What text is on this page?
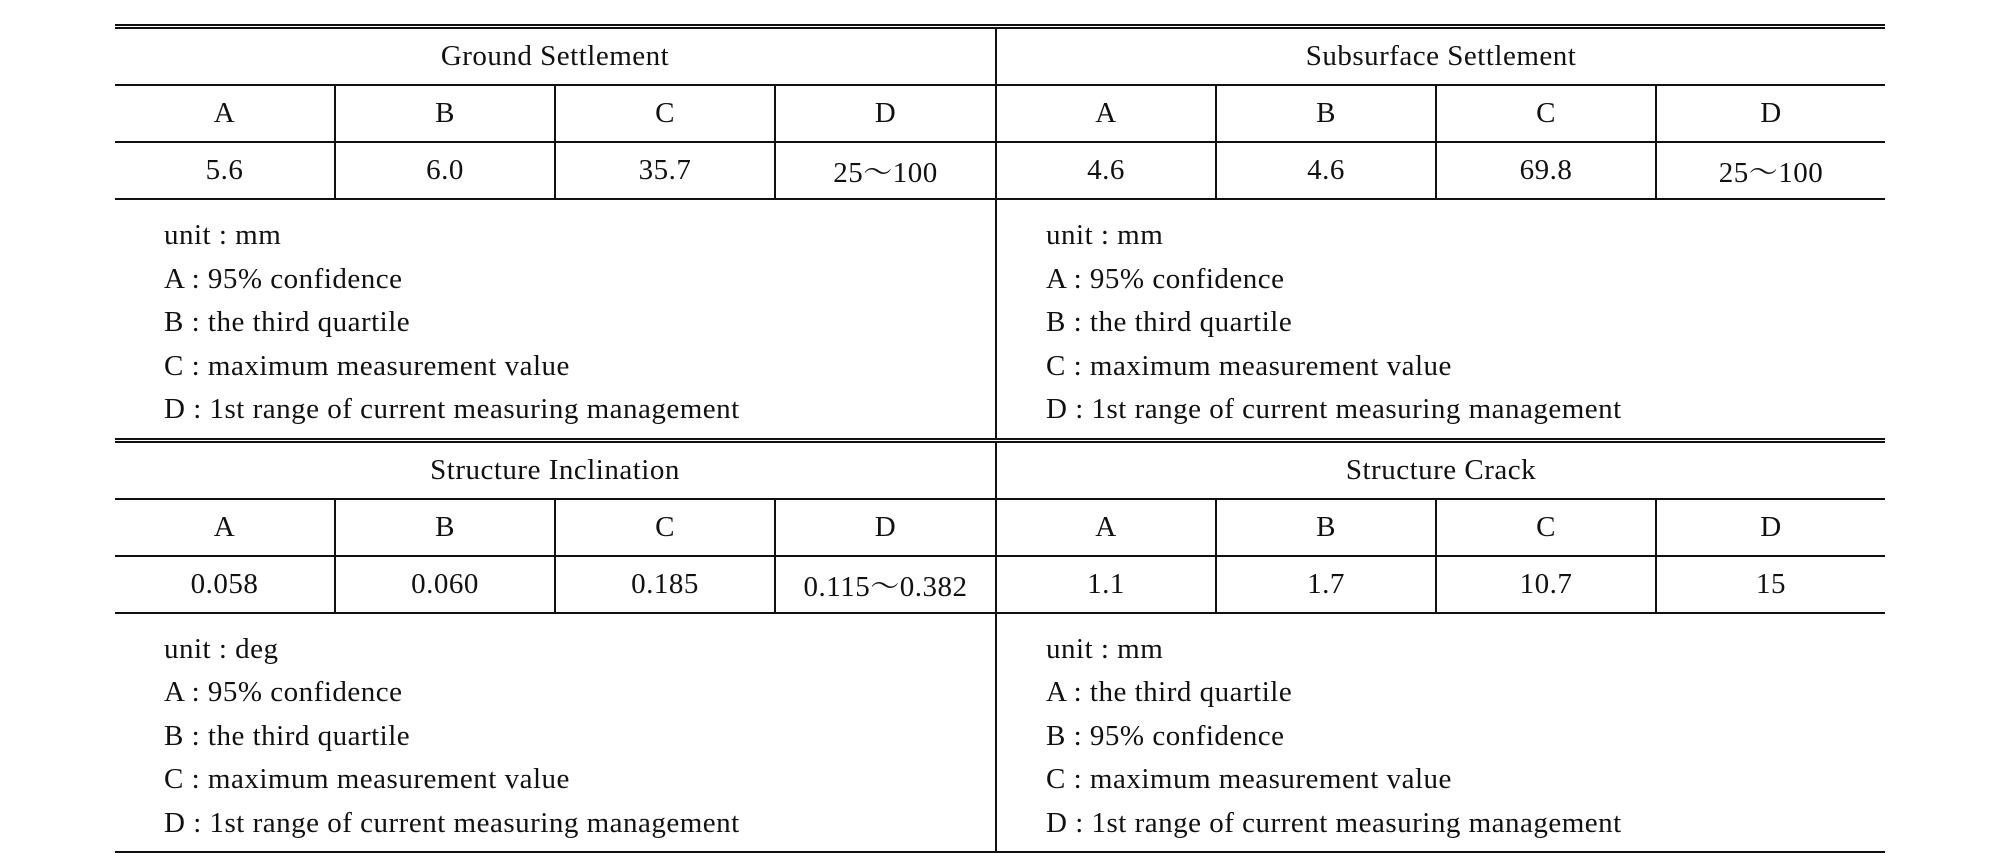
Ground Settlement				Subsurface Settlement			
A	B	C	D	A	B	C	D
5.6	6.0	35.7	25～100	4.6	4.6	69.8	25～100

unit : mm
A : 95% confidence
B : the third quartile
C : maximum measurement value
D : 1st range of current measuring management				unit : mm
A : 95% confidence
B : the third quartile
C : maximum measurement value
D : 1st range of current measuring management			

Structure Inclination				Structure Crack			
A	B	C	D	A	B	C	D
0.058	0.060	0.185	0.115～0.382	1.1	1.7	10.7	15

unit : deg
A : 95% confidence
B : the third quartile
C : maximum measurement value
D : 1st range of current measuring management				unit : mm
A : the third quartile
B : 95% confidence
C : maximum measurement value
D : 1st range of current measuring management			
